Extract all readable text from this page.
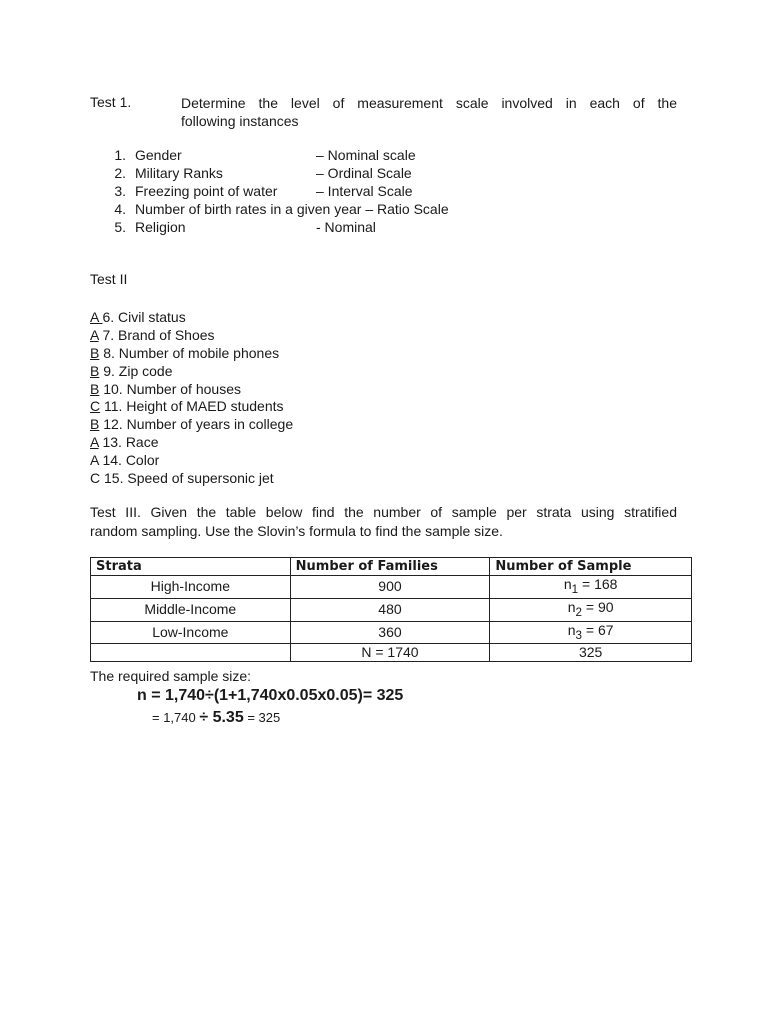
Test 1.	Determine the level of measurement scale involved in each of the
following instances
1. Gender	– Nominal scale
2. Military Ranks	– Ordinal Scale
3. Freezing point of water	– Interval Scale
4. Number of birth rates in a given year – Ratio Scale
5. Religion	- Nominal
Test II
A 6. Civil status
A 7. Brand of Shoes
B 8. Number of mobile phones
B 9. Zip code
B 10. Number of houses
C 11. Height of MAED students
B 12. Number of years in college
A 13. Race
A 14. Color
C 15. Speed of supersonic jet
Test III. Given the table below find the number of sample per strata using stratified
random sampling. Use the Slovin’s formula to find the sample size.
Strata	Number of Families	Number of Sample
High-Income	900	$n_1 = 168$
Middle-Income	480	$n_2 = 90$
Low-Income	360	$n_3 = 67$
	N = 1740	325
The required sample size:
n = 1,740÷(1+1,740x0.05x0.05)= 325
= 1,740 ÷ 5.35 = 325
